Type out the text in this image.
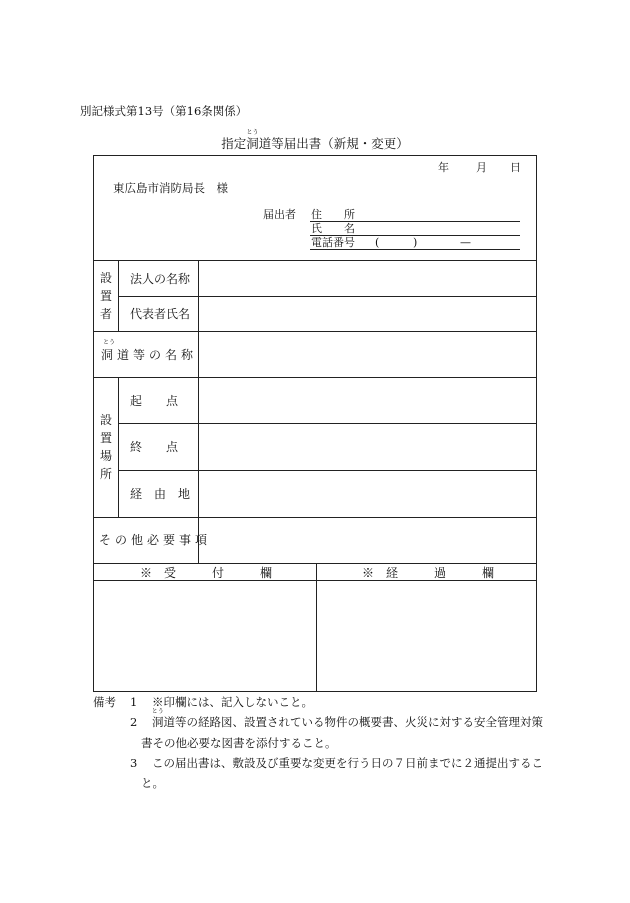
別記様式第13号（第16条関係）
指定
とう
洞道等届出書（新規・変更）
年 月 日
東広島市消防局長　様
届出者 住　　所
氏　　名
電話番号 (	)	—
設置者
法人の名称
代表者氏名
とう
洞道等の名称
設置場所
起　　点
終　　点
経　由　地
その他必要事項
※　受　　　付　　　欄	※　経　　　過　　　欄
備考 1 ※印欄には、記入しないこと。
2
とう
洞道等の経路図、設置されている物件の概要書、火災に対する安全管理対策
書その他必要な図書を添付すること。
3 この届出書は、敷設及び重要な変更を行う日の７日前までに２通提出するこ
と。
